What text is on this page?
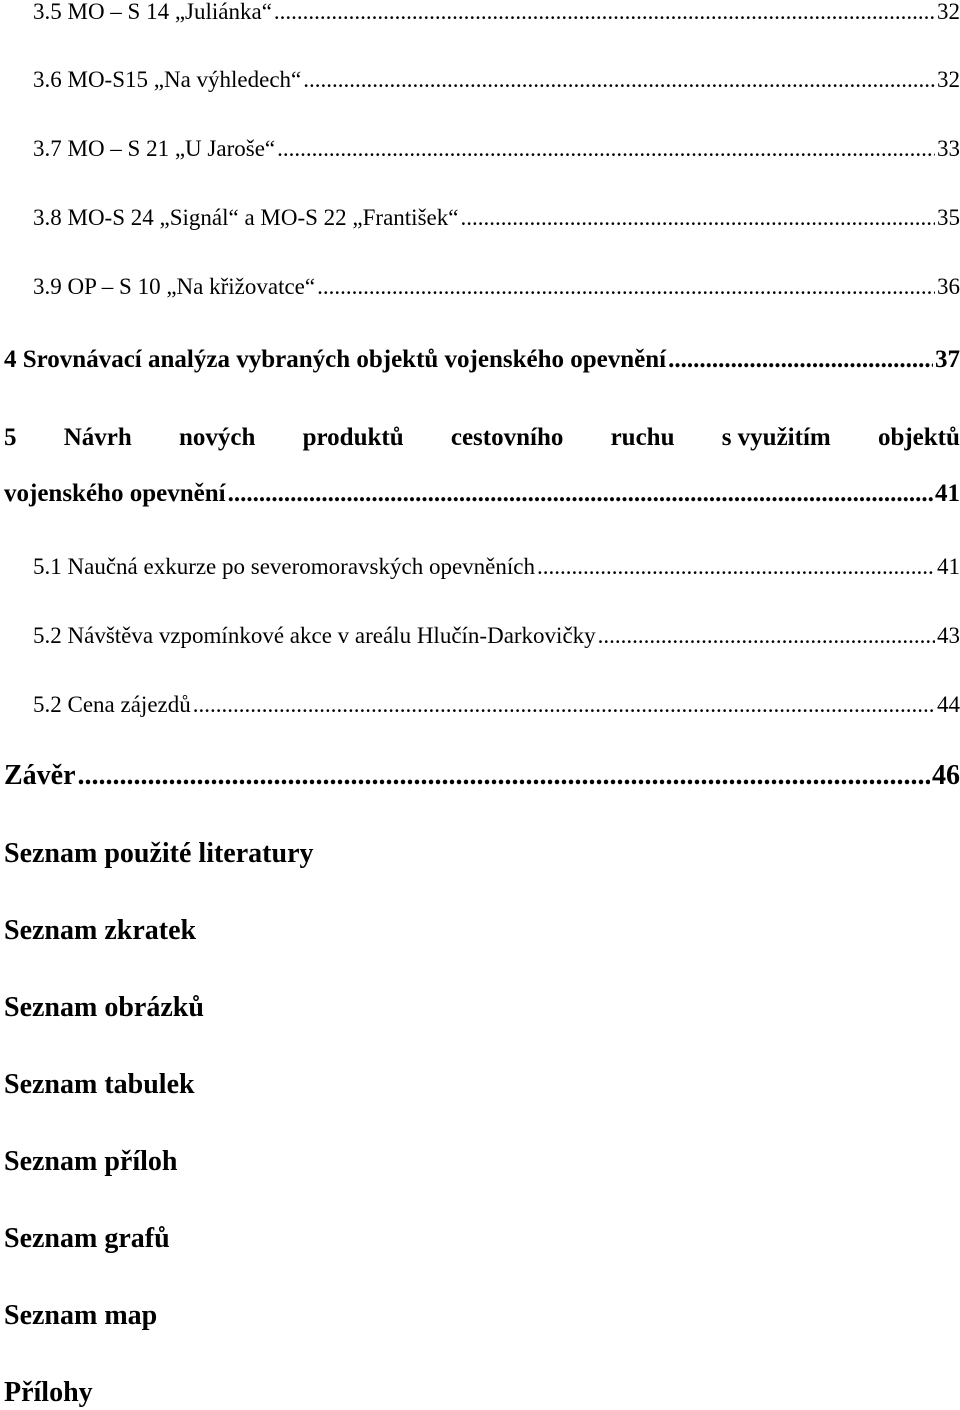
3.5 MO – S 14 „Juliánka“ .....	32
3.6 MO-S15 „Na výhledech“ .....	32
3.7 MO – S 21 „U Jaroše“ .....	33
3.8 MO-S 24 „Signál“ a MO-S 22 „František“ .....	35
3.9 OP – S 10 „Na křižovatce“ .....	36
4 Srovnávací analýza vybraných objektů vojenského opevnění .....	37
5 Návrh nových produktů cestovního ruchu s využitím objektů
vojenského opevnění .....	41
5.1 Naučná exkurze po severomoravských opevněních .....	41
5.2 Návštěva vzpomínkové akce v areálu Hlučín-Darkovičky .....	43
5.2 Cena zájezdů .....	44
Závěr .....	46
Seznam použité literatury
Seznam zkratek
Seznam obrázků
Seznam tabulek
Seznam příloh
Seznam grafů
Seznam map
Přílohy
